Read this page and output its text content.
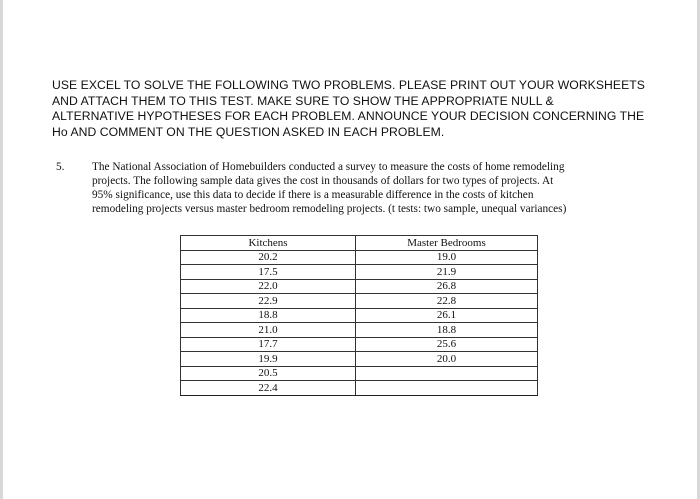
USE EXCEL TO SOLVE THE FOLLOWING TWO PROBLEMS. PLEASE PRINT OUT YOUR WORKSHEETS
AND ATTACH THEM TO THIS TEST. MAKE SURE TO SHOW THE APPROPRIATE NULL &
ALTERNATIVE HYPOTHESES FOR EACH PROBLEM. ANNOUNCE YOUR DECISION CONCERNING THE
Ho AND COMMENT ON THE QUESTION ASKED IN EACH PROBLEM.
5. The National Association of Homebuilders conducted a survey to measure the costs of home remodeling
projects. The following sample data gives the cost in thousands of dollars for two types of projects. At
95% significance, use this data to decide if there is a measurable difference in the costs of kitchen
remodeling projects versus master bedroom remodeling projects. (t tests: two sample, unequal variances)
Kitchens	Master Bedrooms
20.2	19.0
17.5	21.9
22.0	26.8
22.9	22.8
18.8	26.1
21.0	18.8
17.7	25.6
19.9	20.0
20.5	
22.4	
